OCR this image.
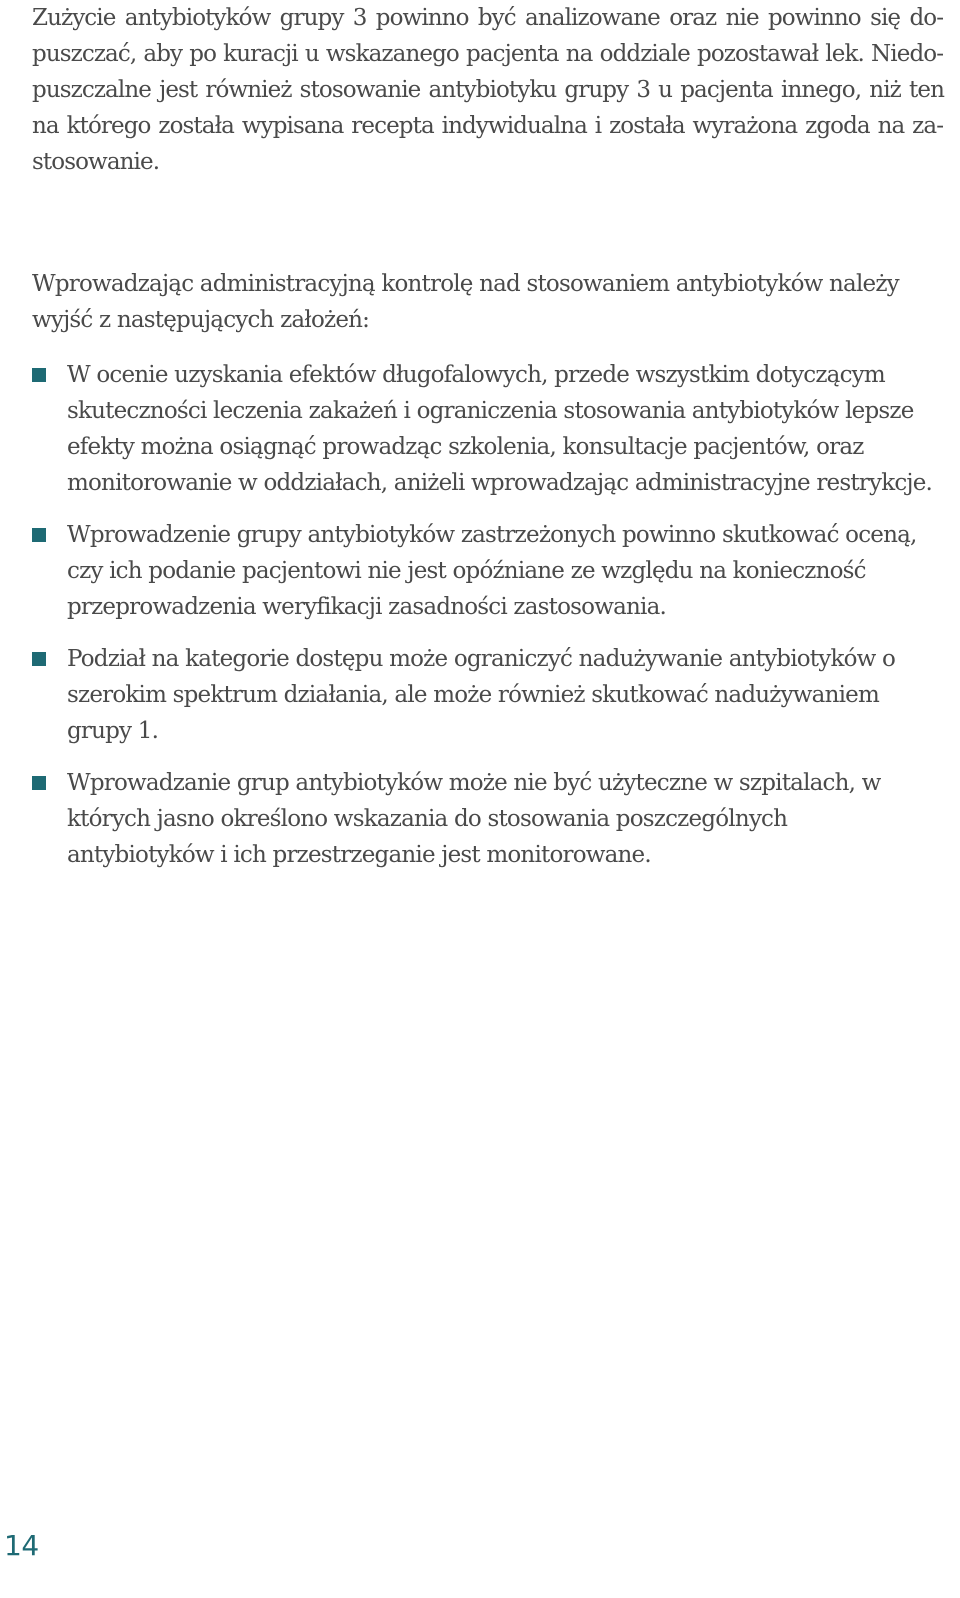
Zużycie antybiotyków grupy 3 powinno być analizowane oraz nie powinno się dopuszczać, aby po kuracji u wskazanego pacjenta na oddziale pozostawał lek. Niedopuszczalne jest również stosowanie antybiotyku grupy 3 u pacjenta innego, niż ten na którego została wypisana recepta indywidualna i została wyrażona zgoda na zastosowanie.

Wprowadzając administracyjną kontrolę nad stosowaniem antybiotyków należy wyjść z następujących założeń:

W ocenie uzyskania efektów długofalowych, przede wszystkim dotyczącym skuteczności leczenia zakażeń i ograniczenia stosowania antybiotyków lepsze efekty można osiągnąć prowadząc szkolenia, konsultacje pacjentów, oraz monitorowanie w oddziałach, aniżeli wprowadzając administracyjne restrykcje.
Wprowadzenie grupy antybiotyków zastrzeżonych powinno skutkować oceną, czy ich podanie pacjentowi nie jest opóźniane ze względu na konieczność przeprowadzenia weryfikacji zasadności zastosowania.
Podział na kategorie dostępu może ograniczyć nadużywanie antybiotyków o szerokim spektrum działania, ale może również skutkować nadużywaniem grupy 1.
Wprowadzanie grup antybiotyków może nie być użyteczne w szpitalach, w których jasno określono wskazania do stosowania poszczególnych antybiotyków i ich przestrzeganie jest monitorowane.
14
